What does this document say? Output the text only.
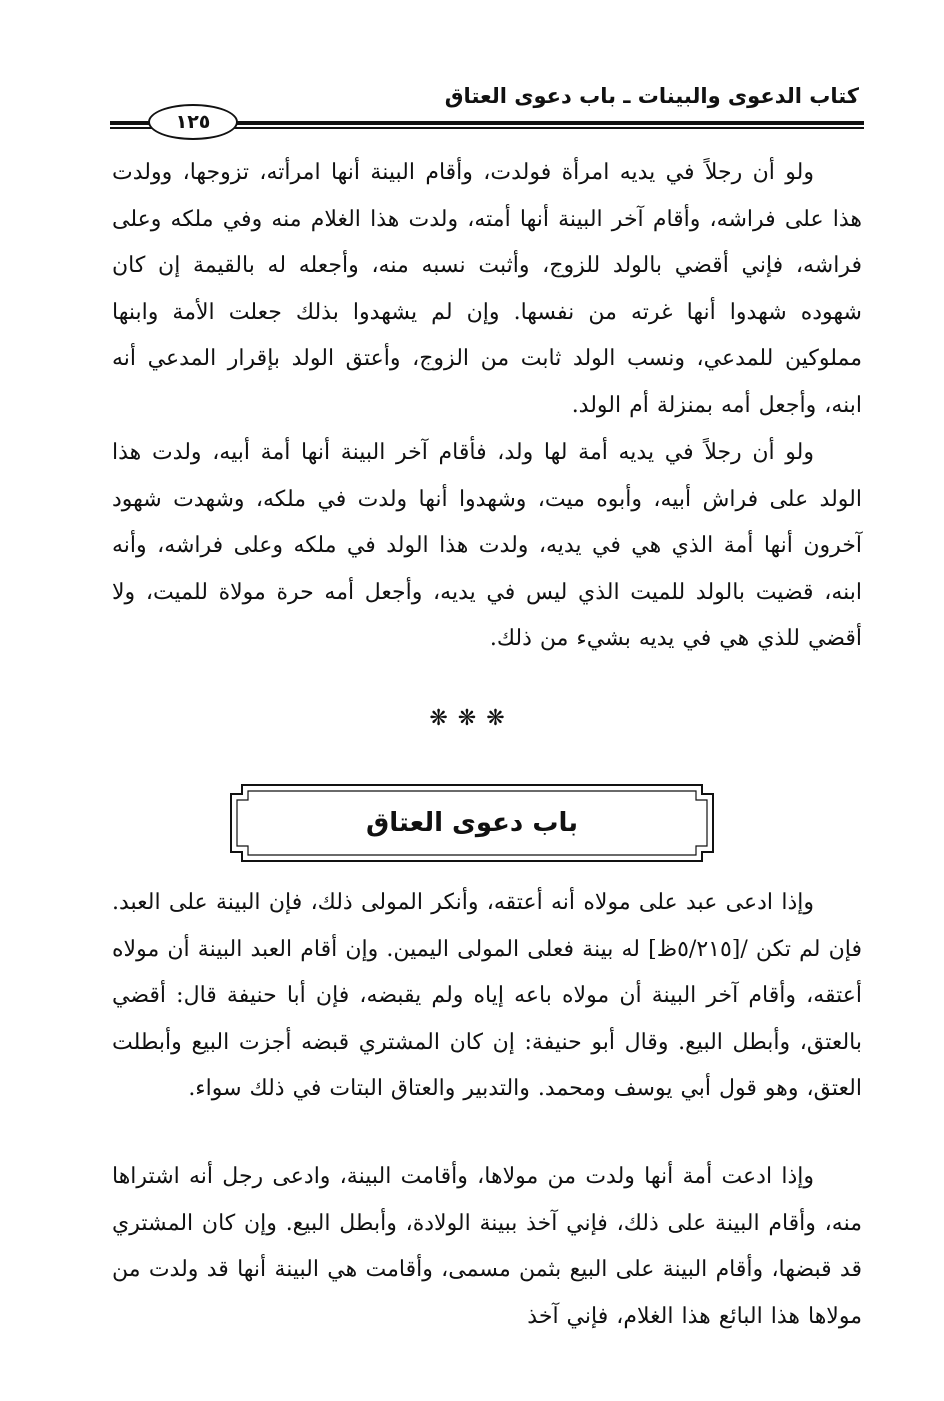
كتاب الدعوى والبينات ـ باب دعوى العتاق
١٢٥

ولو أن رجلاً في يديه امرأة فولدت، وأقام البينة أنها امرأته، تزوجها، وولدت هذا على فراشه، وأقام آخر البينة أنها أمته، ولدت هذا الغلام منه وفي ملكه وعلى فراشه، فإني أقضي بالولد للزوج، وأثبت نسبه منه، وأجعله له بالقيمة إن كان شهوده شهدوا أنها غرته من نفسها. وإن لم يشهدوا بذلك جعلت الأمة وابنها مملوكين للمدعي، ونسب الولد ثابت من الزوج، وأعتق الولد بإقرار المدعي أنه ابنه، وأجعل أمه بمنزلة أم الولد.

ولو أن رجلاً في يديه أمة لها ولد، فأقام آخر البينة أنها أمة أبيه، ولدت هذا الولد على فراش أبيه، وأبوه ميت، وشهدوا أنها ولدت في ملكه، وشهدت شهود آخرون أنها أمة الذي هي في يديه، ولدت هذا الولد في ملكه وعلى فراشه، وأنه ابنه، قضيت بالولد للميت الذي ليس في يديه، وأجعل أمه حرة مولاة للميت، ولا أقضي للذي هي في يديه بشيء من ذلك.

❋❋❋
باب دعوى العتاق

وإذا ادعى عبد على مولاه أنه أعتقه، وأنكر المولى ذلك، فإن البينة على العبد. فإن لم تكن /[٥/٢١٥ظ] له بينة فعلى المولى اليمين. وإن أقام العبد البينة أن مولاه أعتقه، وأقام آخر البينة أن مولاه باعه إياه ولم يقبضه، فإن أبا حنيفة قال: أقضي بالعتق، وأبطل البيع. وقال أبو حنيفة: إن كان المشتري قبضه أجزت البيع وأبطلت العتق، وهو قول أبي يوسف ومحمد. والتدبير والعتاق البتات في ذلك سواء.

وإذا ادعت أمة أنها ولدت من مولاها، وأقامت البينة، وادعى رجل أنه اشتراها منه، وأقام البينة على ذلك، فإني آخذ ببينة الولادة، وأبطل البيع. وإن كان المشتري قد قبضها، وأقام البينة على البيع بثمن مسمى، وأقامت هي البينة أنها قد ولدت من مولاها هذا البائع هذا الغلام، فإني آخذ
